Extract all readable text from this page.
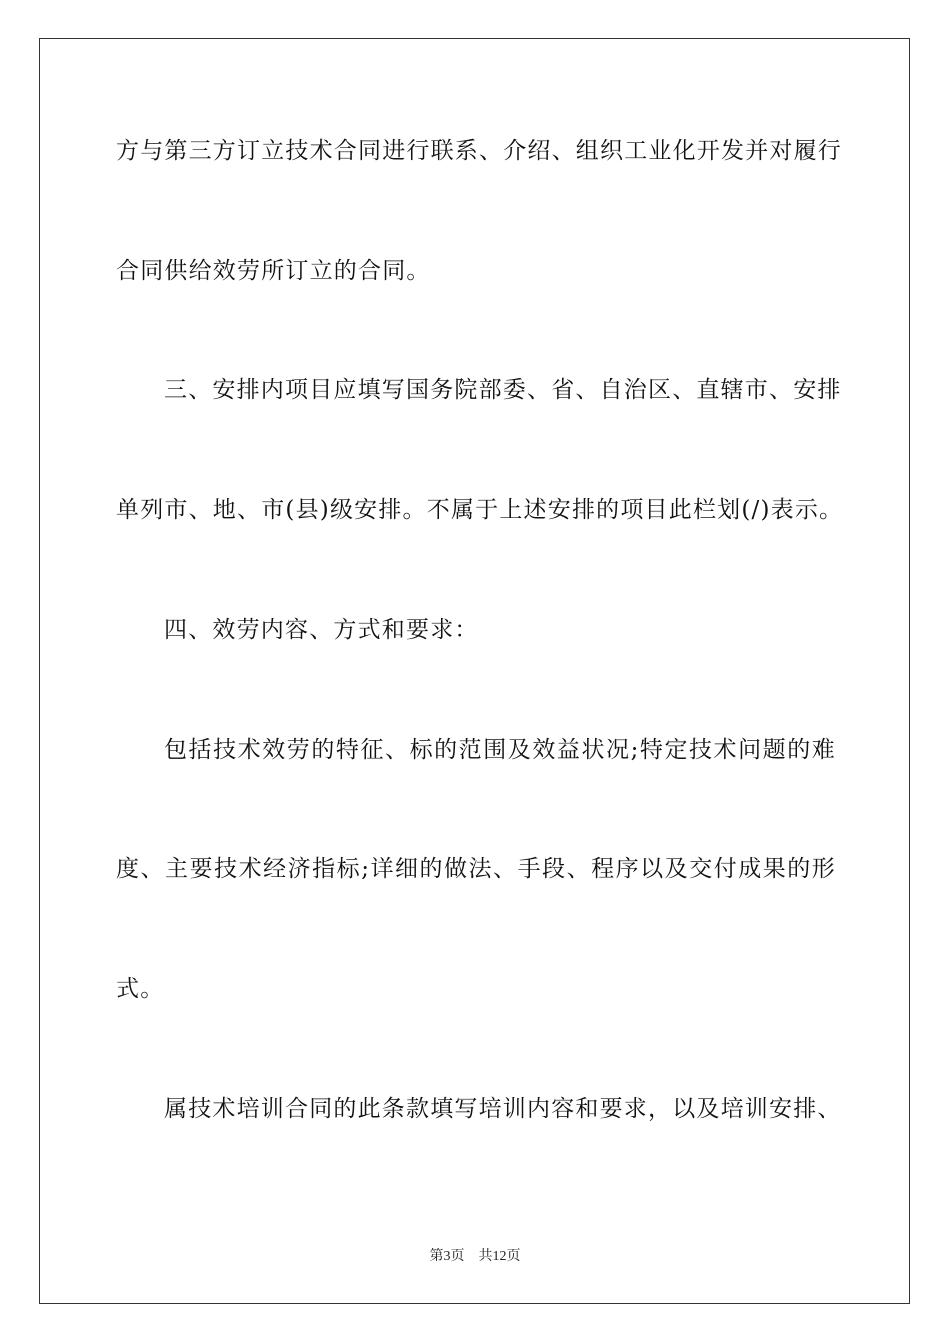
方与第三方订立技术合同进行联系、介绍、组织工业化开发并对履行
合同供给效劳所订立的合同。
三、安排内项目应填写国务院部委、省、自治区、直辖市、安排
单列市、地、市(县)级安排。不属于上述安排的项目此栏划(/)表示。
四、效劳内容、方式和要求：
包括技术效劳的特征、标的范围及效益状况;特定技术问题的难
度、主要技术经济指标;详细的做法、手段、程序以及交付成果的形
式。
属技术培训合同的此条款填写培训内容和要求，以及培训安排、
第3页 共12页
